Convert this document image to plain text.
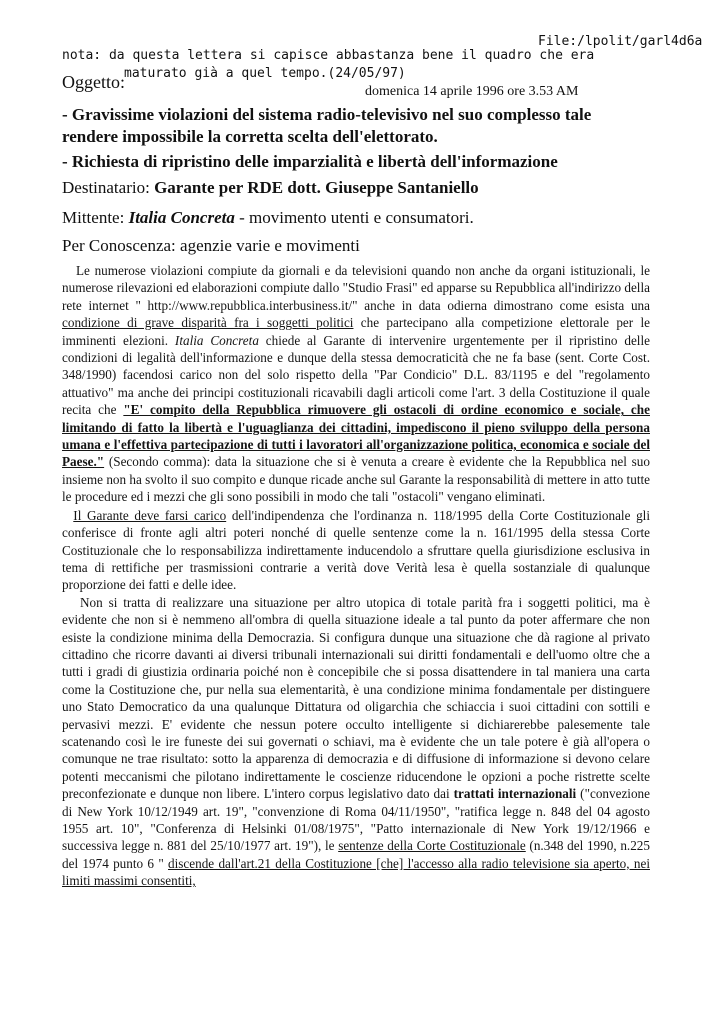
File:/lpolit/garl4d6a
nota: da questa lettera si capisce abbastanza bene il quadro che era
maturato già a quel tempo.(24/05/97)
Oggetto:	domenica 14 aprile 1996 ore 3.53 AM
- Gravissime violazioni del sistema radio-televisivo nel suo complesso tale rendere impossibile la corretta scelta dell'elettorato.
- Richiesta di ripristino delle imparzialità e libertà dell'informazione
Destinatario: Garante per RDE dott. Giuseppe Santaniello
Mittente: Italia Concreta - movimento utenti e consumatori.
Per Conoscenza: agenzie varie e movimenti

Le numerose violazioni compiute da giornali e da televisioni quando non anche da organi istituzionali, le numerose rilevazioni ed elaborazioni compiute dallo "Studio Frasi" ed apparse su Repubblica all'indirizzo della rete internet " http://www.repubblica.interbusiness.it/" anche in data odierna dimostrano come esista una condizione di grave disparità fra i soggetti politici che partecipano alla competizione elettorale per le imminenti elezioni. Italia Concreta chiede al Garante di intervenire urgentemente per il ripristino delle condizioni di legalità dell'informazione e dunque della stessa democraticità che ne fa base (sent. Corte Cost. 348/1990) facendosi carico non del solo rispetto della "Par Condicio" D.L. 83/1195 e del "regolamento attuativo" ma anche dei principi costituzionali ricavabili dagli articoli come l'art. 3 della Costituzione il quale recita che "E' compito della Repubblica rimuovere gli ostacoli di ordine economico e sociale, che limitando di fatto la libertà e l'uguaglianza dei cittadini, impediscono il pieno sviluppo della persona umana e l'effettiva partecipazione di tutti i lavoratori all'organizzazione politica, economica e sociale del Paese." (Secondo comma): data la situazione che si è venuta a creare è evidente che la Repubblica nel suo insieme non ha svolto il suo compito e dunque ricade anche sul Garante la responsabilità di mettere in atto tutte le procedure ed i mezzi che gli sono possibili in modo che tali "ostacoli" vengano eliminati.

Il Garante deve farsi carico dell'indipendenza che l'ordinanza n. 118/1995 della Corte Costituzionale gli conferisce di fronte agli altri poteri nonché di quelle sentenze come la n. 161/1995 della stessa Corte Costituzionale che lo responsabilizza indirettamente inducendolo a sfruttare quella giurisdizione esclusiva in tema di rettifiche per trasmissioni contrarie a verità dove Verità lesa è quella sostanziale di qualunque proporzione dei fatti e delle idee.

Non si tratta di realizzare una situazione per altro utopica di totale parità fra i soggetti politici, ma è evidente che non si è nemmeno all'ombra di quella situazione ideale a tal punto da poter affermare che non esiste la condizione minima della Democrazia. Si configura dunque una situazione che dà ragione al privato cittadino che ricorre davanti ai diversi tribunali internazionali sui diritti fondamentali e dell'uomo oltre che a tutti i gradi di giustizia ordinaria poiché non è concepibile che si possa disattendere in tal maniera una carta come la Costituzione che, pur nella sua elementarità, è una condizione minima fondamentale per distinguere uno Stato Democratico da una qualunque Dittatura od oligarchia che schiaccia i suoi cittadini con sottili e pervasivi mezzi. E' evidente che nessun potere occulto intelligente si dichiarerebbe palesemente tale scatenando così le ire funeste dei sui governati o schiavi, ma è evidente che un tale potere è già all'opera o comunque ne trae risultato: sotto la apparenza di democrazia e di diffusione di informazione si devono celare potenti meccanismi che pilotano indirettamente le coscienze riducendone le opzioni a poche ristrette scelte preconfezionate e dunque non libere. L'intero corpus legislativo dato dai trattati internazionali ("convezione di New York 10/12/1949 art. 19", "convenzione di Roma 04/11/1950", "ratifica legge n. 848 del 04 agosto 1955 art. 10", "Conferenza di Helsinki 01/08/1975", "Patto internazionale di New York 19/12/1966 e successiva legge n. 881 del 25/10/1977 art. 19"), le sentenze della Corte Costituzionale (n.348 del 1990, n.225 del 1974 punto 6 " discende dall'art.21 della Costituzione [che] l'accesso alla radio televisione sia aperto, nei limiti massimi consentiti,
